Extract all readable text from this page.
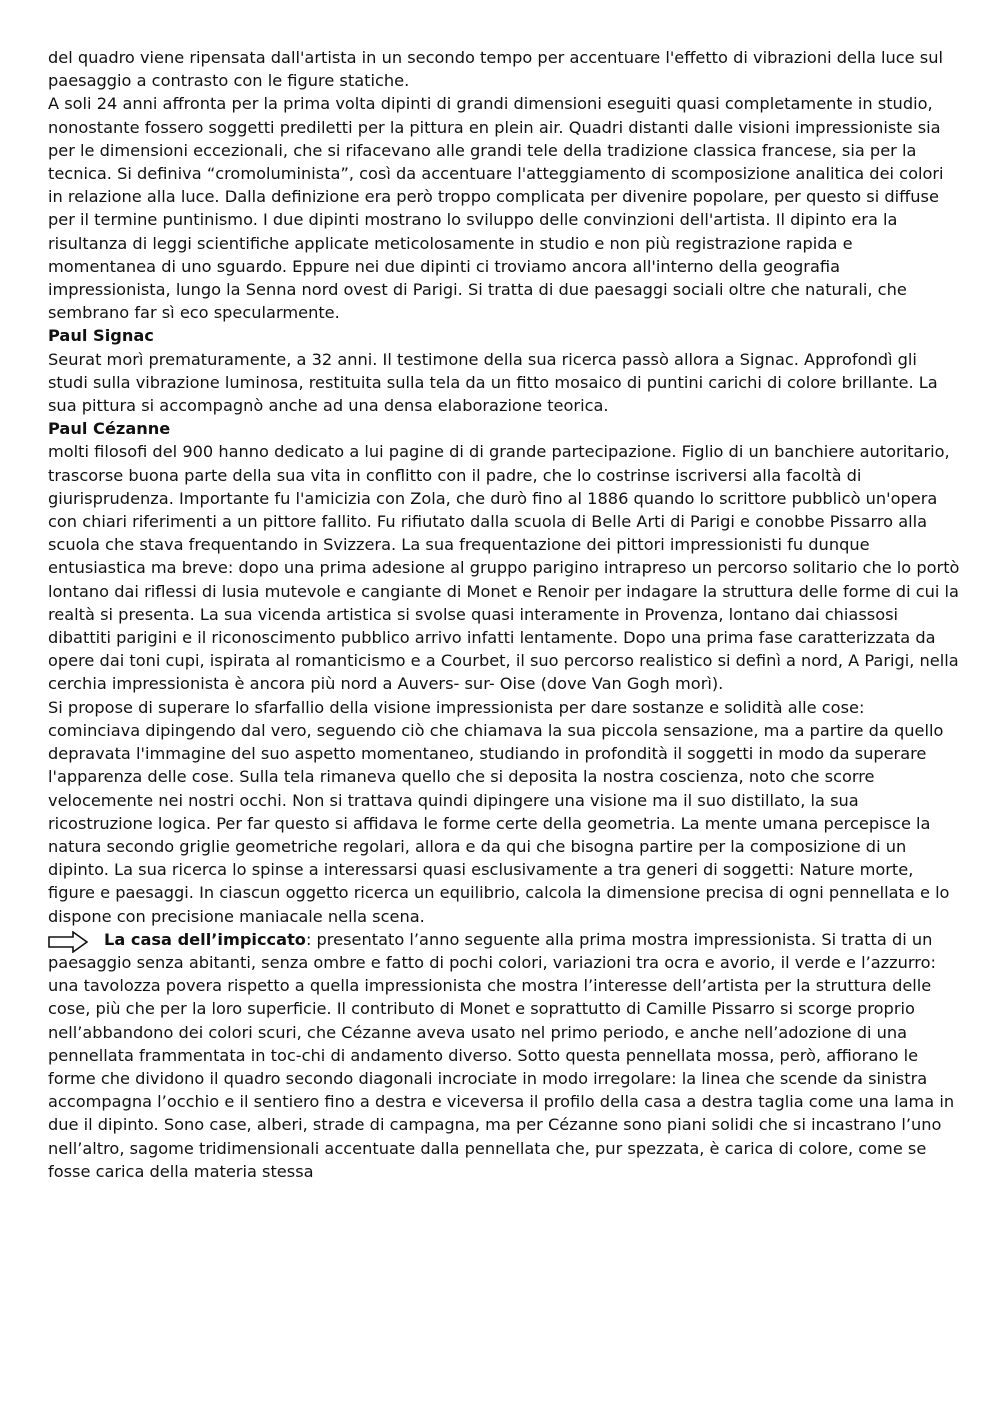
del quadro viene ripensata dall'artista in un secondo tempo per accentuare l'effetto di vibrazioni della luce sul paesaggio a contrasto con le figure statiche.

A soli 24 anni affronta per la prima volta dipinti di grandi dimensioni eseguiti quasi completamente in studio, nonostante fossero soggetti prediletti per la pittura en plein air. Quadri distanti dalle visioni impressioniste sia per le dimensioni eccezionali, che si rifacevano alle grandi tele della tradizione classica francese, sia per la tecnica. Si definiva “cromoluminista”, così da accentuare l'atteggiamento di scomposizione analitica dei colori in relazione alla luce. Dalla definizione era però troppo complicata per divenire popolare, per questo si diffuse per il termine puntinismo. I due dipinti mostrano lo sviluppo delle convinzioni dell'artista. Il dipinto era la risultanza di leggi scientifiche applicate meticolosamente in studio e non più registrazione rapida e momentanea di uno sguardo. Eppure nei due dipinti ci troviamo ancora all'interno della geografia impressionista, lungo la Senna nord ovest di Parigi. Si tratta di due paesaggi sociali oltre che naturali, che sembrano far sì eco specularmente.

Paul Signac

Seurat morì prematuramente, a 32 anni. Il testimone della sua ricerca passò allora a Signac. Approfondì gli studi sulla vibrazione luminosa, restituita sulla tela da un fitto mosaico di puntini carichi di colore brillante. La sua pittura si accompagnò anche ad una densa elaborazione teorica.

Paul Cézanne

molti filosofi del 900 hanno dedicato a lui pagine di di grande partecipazione. Figlio di un banchiere autoritario, trascorse buona parte della sua vita in conflitto con il padre, che lo costrinse iscriversi alla facoltà di giurisprudenza. Importante fu l'amicizia con Zola, che durò fino al 1886 quando lo scrittore pubblicò un'opera con chiari riferimenti a un pittore fallito. Fu rifiutato dalla scuola di Belle Arti di Parigi e conobbe Pissarro alla scuola che stava frequentando in Svizzera. La sua frequentazione dei pittori impressionisti fu dunque entusiastica ma breve: dopo una prima adesione al gruppo parigino intrapreso un percorso solitario che lo portò lontano dai riflessi di lusia mutevole e cangiante di Monet e Renoir per indagare la struttura delle forme di cui la realtà si presenta. La sua vicenda artistica si svolse quasi interamente in Provenza, lontano dai chiassosi dibattiti parigini e il riconoscimento pubblico arrivo infatti lentamente. Dopo una prima fase caratterizzata da opere dai toni cupi, ispirata al romanticismo e a Courbet, il suo percorso realistico si definì a nord, A Parigi, nella cerchia impressionista è ancora più nord a Auvers- sur- Oise (dove Van Gogh morì).

Si propose di superare lo sfarfallio della visione impressionista per dare sostanze e solidità alle cose: cominciava dipingendo dal vero, seguendo ciò che chiamava la sua piccola sensazione, ma a partire da quello depravata l'immagine del suo aspetto momentaneo, studiando in profondità il soggetti in modo da superare l'apparenza delle cose. Sulla tela rimaneva quello che si deposita la nostra coscienza, noto che scorre velocemente nei nostri occhi. Non si trattava quindi dipingere una visione ma il suo distillato, la sua ricostruzione logica. Per far questo si affidava le forme certe della geometria. La mente umana percepisce la natura secondo griglie geometriche regolari, allora e da qui che bisogna partire per la composizione di un dipinto. La sua ricerca lo spinse a interessarsi quasi esclusivamente a tra generi di soggetti: Nature morte, figure e paesaggi. In ciascun oggetto ricerca un equilibrio, calcola la dimensione precisa di ogni pennellata e lo dispone con precisione maniacale nella scena.

La casa dell’impiccato: presentato l’anno seguente alla prima mostra impressionista. Si tratta di un paesaggio senza abitanti, senza ombre e fatto di pochi colori, variazioni tra ocra e avorio, il verde e l’azzurro: una tavolozza povera rispetto a quella impressionista che mostra l’interesse dell’artista per la struttura delle cose, più che per la loro superficie. Il contributo di Monet e soprattutto di Camille Pissarro si scorge proprio nell’abbandono dei colori scuri, che Cézanne aveva usato nel primo periodo, e anche nell’adozione di una pennellata frammentata in toc-chi di andamento diverso. Sotto questa pennellata mossa, però, affiorano le forme che dividono il quadro secondo diagonali incrociate in modo irregolare: la linea che scende da sinistra accompagna l’occhio e il sentiero fino a destra e viceversa il profilo della casa a destra taglia come una lama in due il dipinto. Sono case, alberi, strade di campagna, ma per Cézanne sono piani solidi che si incastrano l’uno nell’altro, sagome tridimensionali accentuate dalla pennellata che, pur spezzata, è carica di colore, come se fosse carica della materia stessa
